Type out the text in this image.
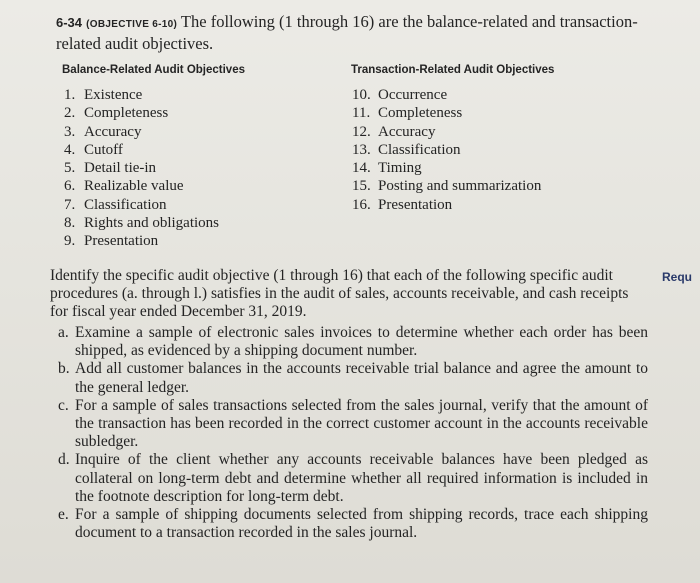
6-34 (OBJECTIVE 6-10) The following (1 through 16) are the balance-related and transaction-related audit objectives.
Balance-Related Audit Objectives	Transaction-Related Audit Objectives
1. Existence
2. Completeness
3. Accuracy
4. Cutoff
5. Detail tie-in
6. Realizable value
7. Classification
8. Rights and obligations
9. Presentation
10. Occurrence
11. Completeness
12. Accuracy
13. Classification
14. Timing
15. Posting and summarization
16. Presentation
Requ
Identify the specific audit objective (1 through 16) that each of the following specific audit procedures (a. through l.) satisfies in the audit of sales, accounts receivable, and cash receipts for fiscal year ended December 31, 2019.
a. Examine a sample of electronic sales invoices to determine whether each order has been shipped, as evidenced by a shipping document number.
b. Add all customer balances in the accounts receivable trial balance and agree the amount to the general ledger.
c. For a sample of sales transactions selected from the sales journal, verify that the amount of the transaction has been recorded in the correct customer account in the accounts receivable subledger.
d. Inquire of the client whether any accounts receivable balances have been pledged as collateral on long-term debt and determine whether all required information is included in the footnote description for long-term debt.
e. For a sample of shipping documents selected from shipping records, trace each shipping document to a transaction recorded in the sales journal.
